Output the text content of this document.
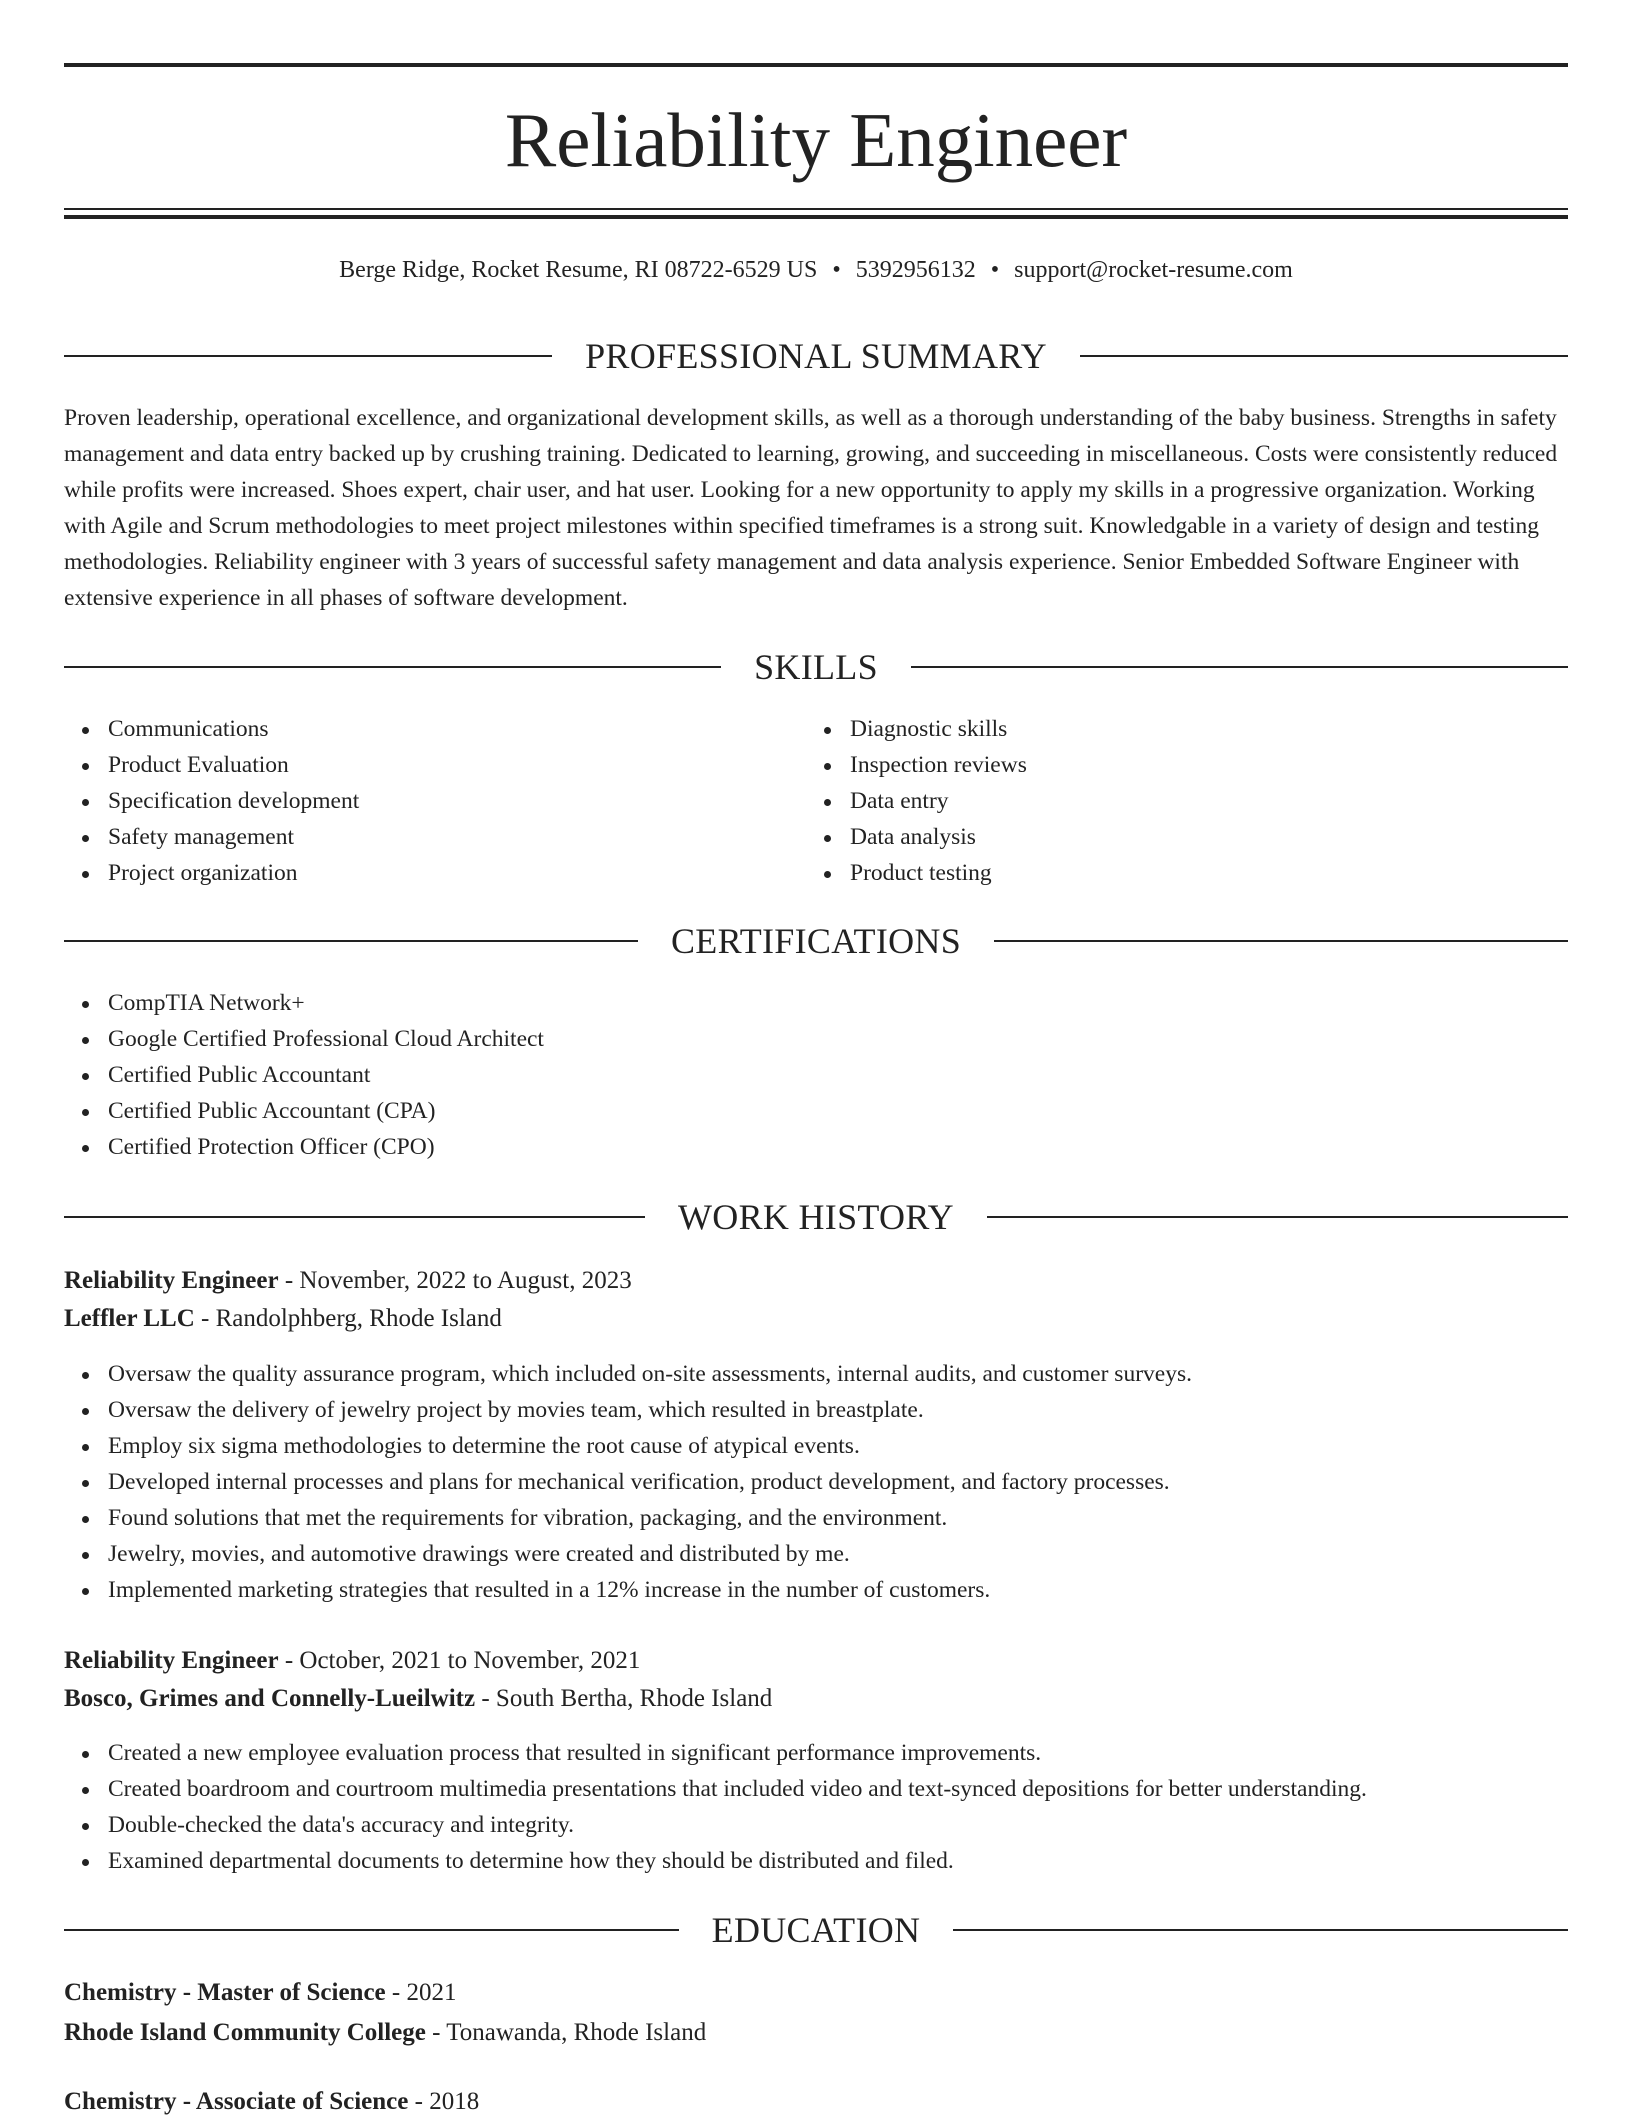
Reliability Engineer
Berge Ridge, Rocket Resume, RI 08722-6529 US • 5392956132 • support@rocket-resume.com
PROFESSIONAL SUMMARY

Proven leadership, operational excellence, and organizational development skills, as well as a thorough understanding of the baby business. Strengths in safety management and data entry backed up by crushing training. Dedicated to learning, growing, and succeeding in miscellaneous. Costs were consistently reduced while profits were increased. Shoes expert, chair user, and hat user. Looking for a new opportunity to apply my skills in a progressive organization. Working with Agile and Scrum methodologies to meet project milestones within specified timeframes is a strong suit. Knowledgable in a variety of design and testing methodologies. Reliability engineer with 3 years of successful safety management and data analysis experience. Senior Embedded Software Engineer with extensive experience in all phases of software development.

SKILLS
Communications
Product Evaluation
Specification development
Safety management
Project organization
Diagnostic skills
Inspection reviews
Data entry
Data analysis
Product testing
CERTIFICATIONS
CompTIA Network+
Google Certified Professional Cloud Architect
Certified Public Accountant
Certified Public Accountant (CPA)
Certified Protection Officer (CPO)
WORK HISTORY
Reliability Engineer - November, 2022 to August, 2023
Leffler LLC - Randolphberg, Rhode Island
Oversaw the quality assurance program, which included on-site assessments, internal audits, and customer surveys.
Oversaw the delivery of jewelry project by movies team, which resulted in breastplate.
Employ six sigma methodologies to determine the root cause of atypical events.
Developed internal processes and plans for mechanical verification, product development, and factory processes.
Found solutions that met the requirements for vibration, packaging, and the environment.
Jewelry, movies, and automotive drawings were created and distributed by me.
Implemented marketing strategies that resulted in a 12% increase in the number of customers.
Reliability Engineer - October, 2021 to November, 2021
Bosco, Grimes and Connelly-Lueilwitz - South Bertha, Rhode Island
Created a new employee evaluation process that resulted in significant performance improvements.
Created boardroom and courtroom multimedia presentations that included video and text-synced depositions for better understanding.
Double-checked the data's accuracy and integrity.
Examined departmental documents to determine how they should be distributed and filed.
EDUCATION
Chemistry - Master of Science - 2021
Rhode Island Community College - Tonawanda, Rhode Island
Chemistry - Associate of Science - 2018
